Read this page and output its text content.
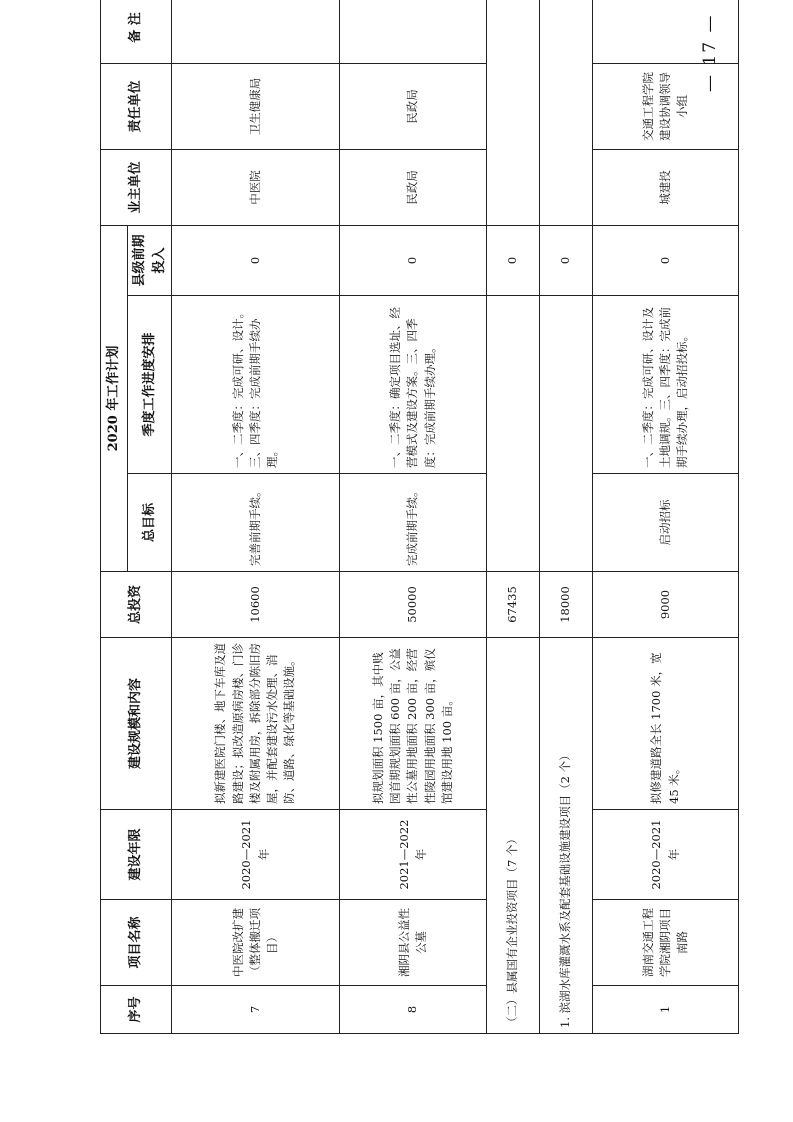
序号	项目名称	建设年限	建设规模和内容	总投资	2020 年工作计划			业主单位	责任单位	备 注
					总目标	季度工作进度安排	县级前期投入			
7	中医院改扩建（整体搬迁项目）	2020—2021 年	拟新建医院门楼、地下车库及道路建设；拟改造原病房楼、门诊楼及附属用房，拆除部分陈旧房屋，并配套建设污水处理、消防、道路、绿化等基础设施。	10600	完善前期手续。	一、二季度：完成可研、设计。三、四季度：完成前期手续办理。	0	中医院	卫生健康局	
8	湘阴县公益性公墓	2021—2022 年	拟规划面积 1500 亩，其中贱园首期规划面积 600 亩，公益性公墓用地面积 200 亩，经营性陵园用地面积 300 亩，殡仪馆建设用地 100 亩。	50000	完成前期手续。	一、二季度：确定项目选址、经营模式及建设方案。三、四季度：完成前期手续办理。	0	民政局	民政局	
（二）县属国有企业投资项目（7 个）				67435			0			
1. 滨湖水库灌溉水系及配套基础设施建设项目（2 个）				18000			0			
1	湖南交通工程学院湘阴项目南路	2020—2021 年	拟修建道路全长 1700 米，宽 45 米。	9000	启动招标	一、二季度：完成可研、设计及土地调规。三、四季度：完成前期手续办理，启动招投标。	0	城建投	交通工程学院建设协调领导小组	
— 17 —
